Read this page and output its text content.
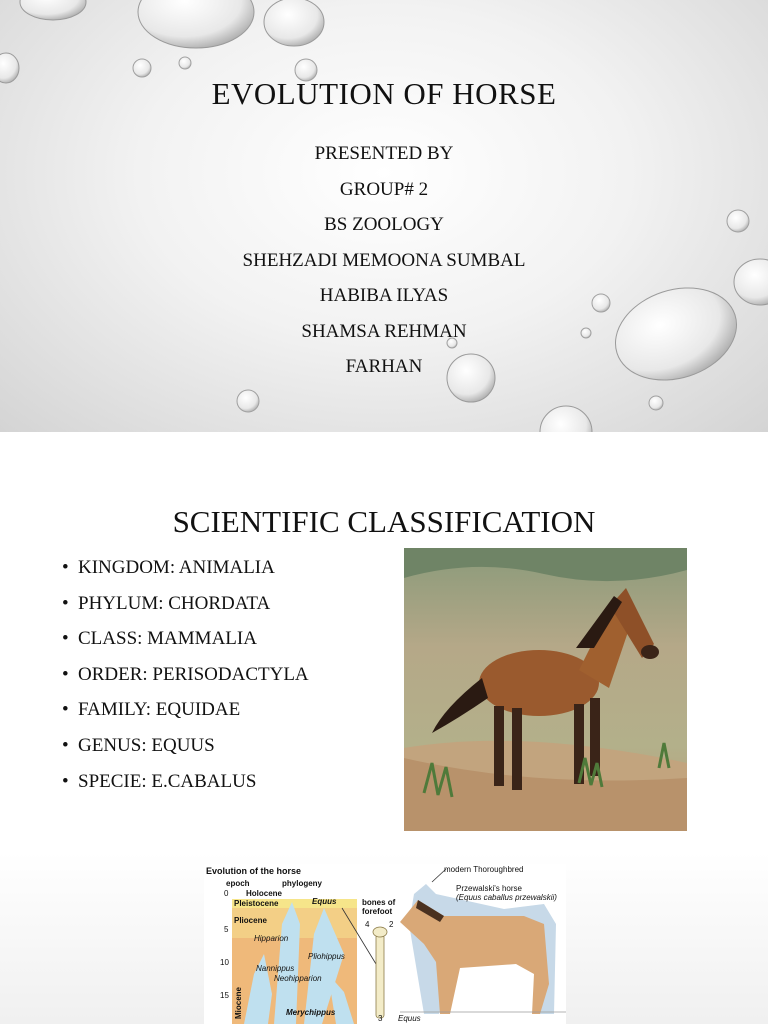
EVOLUTION OF HORSE
PRESENTED BY
GROUP# 2
BS ZOOLOGY
SHEHZADI MEMOONA SUMBAL
HABIBA ILYAS
SHAMSA REHMAN
FARHAN
SCIENTIFIC CLASSIFICATION
• KINGDOM: ANIMALIA
• PHYLUM: CHORDATA
• CLASS: MAMMALIA
• ORDER: PERISODACTYLA
• FAMILY: EQUIDAE
• GENUS: EQUUS
• SPECIE: E.CABALUS
Evolution of the horse
epoch	phylogeny
0 Holocene
Pleistocene	Equus
Pliocene
5
Hipparion
Pliohippus
10
Nannippus
Neohipparion
15 Miocene	Merychippus
bones of
forefoot
4 2
3
modern Thoroughbred
Przewalski's horse
(Equus caballus przewalskii)
Equus
